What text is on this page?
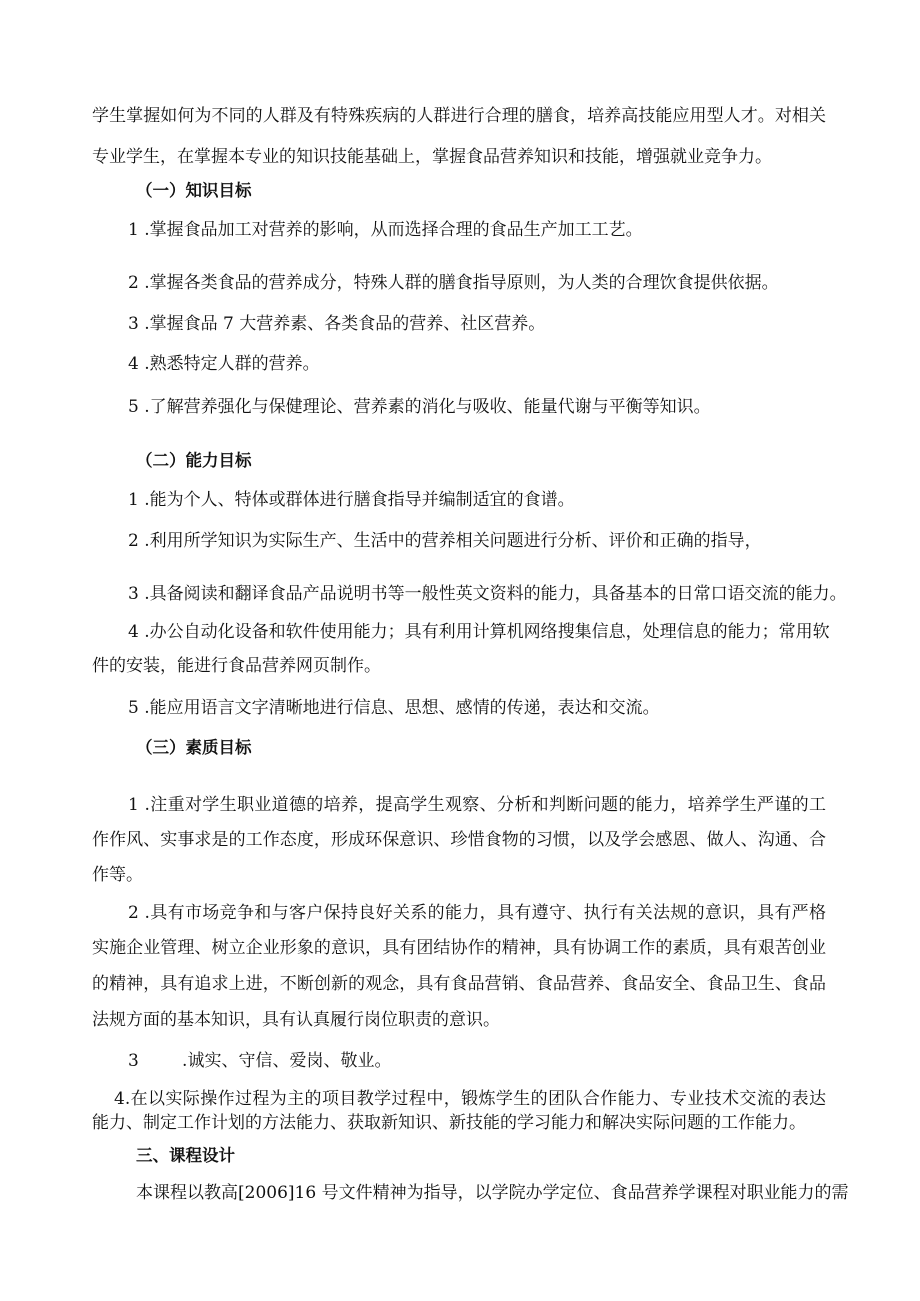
学生掌握如何为不同的人群及有特殊疾病的人群进行合理的膳食，培养高技能应用型人才。对相关
专业学生，在掌握本专业的知识技能基础上，掌握食品营养知识和技能，增强就业竞争力。
（一）知识目标
1 .掌握食品加工对营养的影响，从而选择合理的食品生产加工工艺。
2 .掌握各类食品的营养成分，特殊人群的膳食指导原则，为人类的合理饮食提供依据。
3 .掌握食品 7 大营养素、各类食品的营养、社区营养。
4 .熟悉特定人群的营养。
5 .了解营养强化与保健理论、营养素的消化与吸收、能量代谢与平衡等知识。
（二）能力目标
1 .能为个人、特体或群体进行膳食指导并编制适宜的食谱。
2 .利用所学知识为实际生产、生活中的营养相关问题进行分析、评价和正确的指导，
3 .具备阅读和翻译食品产品说明书等一般性英文资料的能力，具备基本的日常口语交流的能力。
4 .办公自动化设备和软件使用能力；具有利用计算机网络搜集信息，处理信息的能力；常用软
件的安装，能进行食品营养网页制作。
5 .能应用语言文字清晰地进行信息、思想、感情的传递，表达和交流。
（三）素质目标
1 .注重对学生职业道德的培养，提高学生观察、分析和判断问题的能力，培养学生严谨的工
作作风、实事求是的工作态度，形成环保意识、珍惜食物的习惯，以及学会感恩、做人、沟通、合
作等。
2 .具有市场竞争和与客户保持良好关系的能力，具有遵守、执行有关法规的意识，具有严格
实施企业管理、树立企业形象的意识，具有团结协作的精神，具有协调工作的素质，具有艰苦创业
的精神，具有追求上进，不断创新的观念，具有食品营销、食品营养、食品安全、食品卫生、食品
法规方面的基本知识，具有认真履行岗位职责的意识。
3        .诚实、守信、爱岗、敬业。
4.在以实际操作过程为主的项目教学过程中，锻炼学生的团队合作能力、专业技术交流的表达
能力、制定工作计划的方法能力、获取新知识、新技能的学习能力和解决实际问题的工作能力。
三、课程设计
本课程以教高[2006]16 号文件精神为指导，以学院办学定位、食品营养学课程对职业能力的需
